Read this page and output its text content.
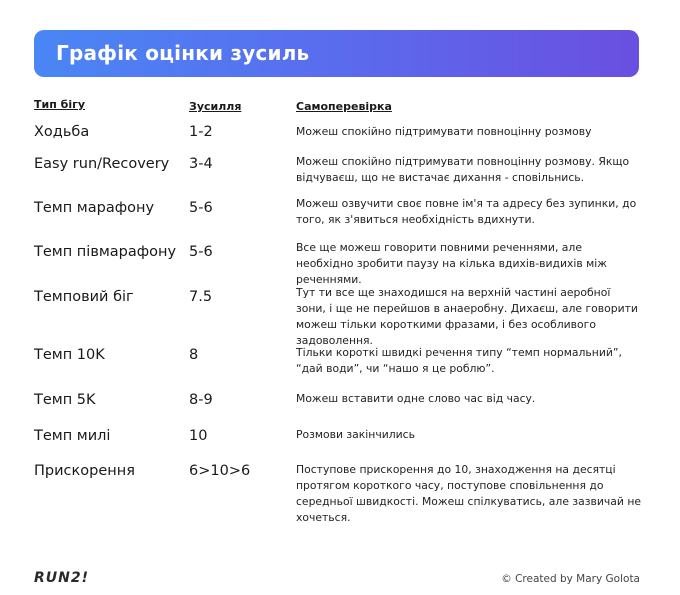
Графік оцінки зусиль
Тип бігу	Зусилля	Самоперевірка
Ходьба	1-2	Можеш спокійно підтримувати повноцінну розмову
Easy run/Recovery 3-4	Можеш спокійно підтримувати повноцінну розмову. Якщо відчуваєш, що не вистачає дихання - сповільнись.
Темп марафону 5-6	Можеш озвучити своє повне ім'я та адресу без зупинки, до того, як з'явиться необхідність вдихнути.
Темп півмарафону 5-6	Все ще можеш говорити повними реченнями, але необхідно зробити паузу на кілька вдихів-видихів між реченнями.
Темповий біг	7.5	Тут ти все ще знаходишся на верхній частині аеробної зони, і ще не перейшов в анаеробну. Дихаєш, але говорити можеш тільки короткими фразами, і без особливого задоволення.
Темп 10K	8	Тільки короткі швидкі речення типу “темп нормальний”, “дай води”, чи “нашо я це роблю”.
Темп 5K	8-9	Можеш вставити одне слово час від часу.
Темп милі	10	Розмови закінчились
Прискорення	6>10>6	Поступове прискорення до 10, знаходження на десятці протягом короткого часу, поступове сповільнення до середньої швидкості. Можеш спілкуватись, але зазвичай не хочеться.
RUN2!	© Created by Mary Golota
